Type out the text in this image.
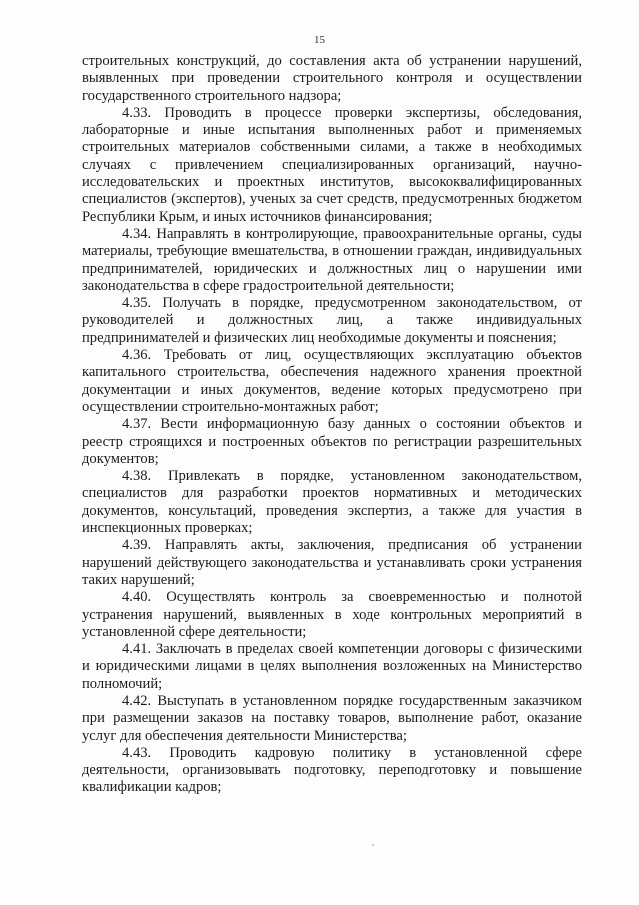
15

строительных конструкций, до составления акта об устранении нарушений, выявленных при проведении строительного контроля и осуществлении государственного строительного надзора;

4.33. Проводить в процессе проверки экспертизы, обследования, лабораторные и иные испытания выполненных работ и применяемых строительных материалов собственными силами, а также в необходимых случаях с привлечением специализированных организаций, научно-исследовательских и проектных институтов, высококвалифицированных специалистов (экспертов), ученых за счет средств, предусмотренных бюджетом Республики Крым, и иных источников финансирования;

4.34. Направлять в контролирующие, правоохранительные органы, суды материалы, требующие вмешательства, в отношении граждан, индивидуальных предпринимателей, юридических и должностных лиц о нарушении ими законодательства в сфере градостроительной деятельности;

4.35. Получать в порядке, предусмотренном законодательством, от руководителей и должностных лиц, а также индивидуальных предпринимателей и физических лиц необходимые документы и пояснения;

4.36. Требовать от лиц, осуществляющих эксплуатацию объектов капитального строительства, обеспечения надежного хранения проектной документации и иных документов, ведение которых предусмотрено при осуществлении строительно-монтажных работ;

4.37. Вести информационную базу данных о состоянии объектов и реестр строящихся и построенных объектов по регистрации разрешительных документов;

4.38. Привлекать в порядке, установленном законодательством, специалистов для разработки проектов нормативных и методических документов, консультаций, проведения экспертиз, а также для участия в инспекционных проверках;

4.39. Направлять акты, заключения, предписания об устранении нарушений действующего законодательства и устанавливать сроки устранения таких нарушений;

4.40. Осуществлять контроль за своевременностью и полнотой устранения нарушений, выявленных в ходе контрольных мероприятий в установленной сфере деятельности;

4.41. Заключать в пределах своей компетенции договоры с физическими и юридическими лицами в целях выполнения возложенных на Министерство полномочий;

4.42. Выступать в установленном порядке государственным заказчиком при размещении заказов на поставку товаров, выполнение работ, оказание услуг для обеспечения деятельности Министерства;

4.43. Проводить кадровую политику в установленной сфере деятельности, организовывать подготовку, переподготовку и повышение квалификации кадров;
